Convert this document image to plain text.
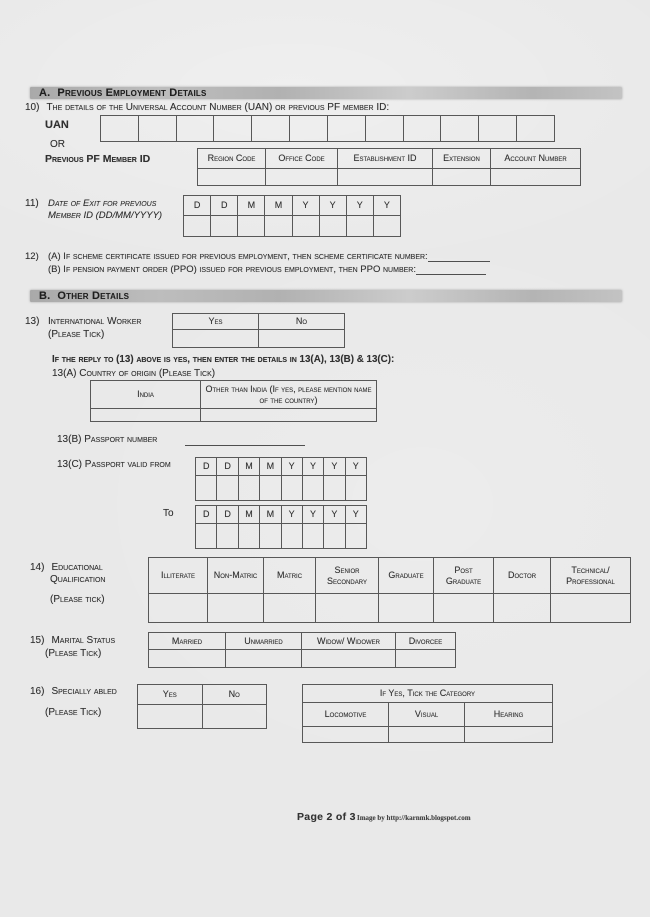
A. Previous Employment Details
10) The details of the Universal Account Number (UAN) or previous PF member ID:
UAN

OR
Previous PF Member ID	Region Code	Office Code	Establishment ID	Extension	Account Number

11) Date of Exit for previous
Member ID (DD/MM/YYYY)
D	D	M	M	Y	Y	Y	Y

12) (A) If scheme certificate issued for previous employment, then scheme certificate number:
(B) If pension payment order (PPO) issued for previous employment, then PPO number:
B. Other Details
13) International Worker
(Please Tick)
Yes	No

If the reply to (13) above is yes, then enter the details in 13(A), 13(B) & 13(C):
13(A) Country of origin (Please Tick)
India	Other than India (If yes, please mention name of the country)

13(B) Passport number
13(C) Passport valid from	D	D	M	M	Y	Y	Y	Y

To	D	D	M	M	Y	Y	Y	Y

14) Educational
Qualification
(Please tick)
Illiterate	Non-Matric	Matric	Senior Secondary	Graduate	Post Graduate	Doctor	Technical/ Professional

15) Marital Status
(Please Tick)
Married	Unmarried	Widow/ Widower	Divorcee

16) Specially abled
(Please Tick)
Yes	No
		If Yes, Tick the Category		
Locomotive	Visual	Hearing

Page 2 of 3 Image by http://karnmk.blogspot.com
